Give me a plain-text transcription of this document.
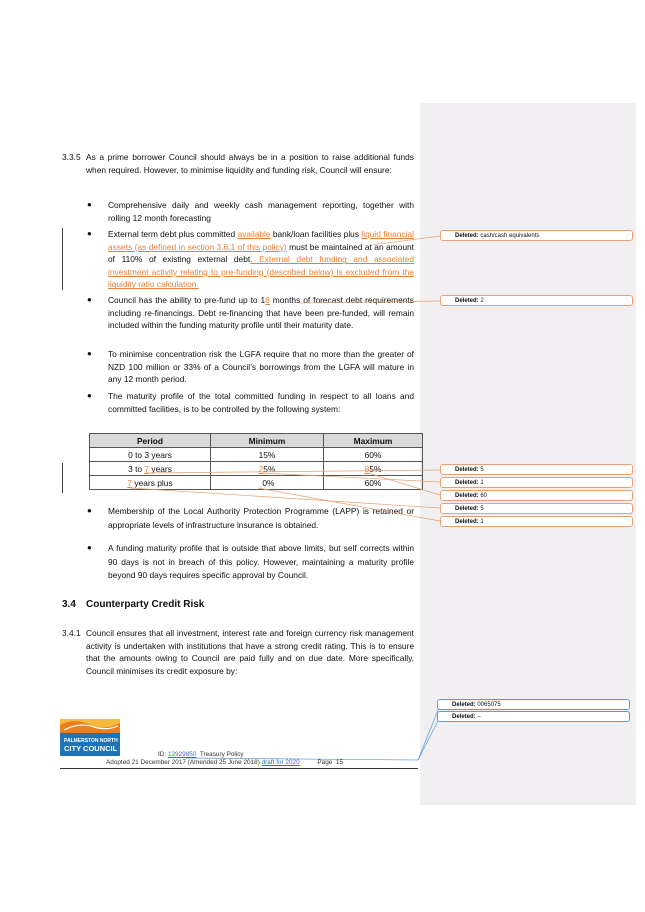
3.3.5 As a prime borrower Council should always be in a position to raise additional funds when required. However, to minimise liquidity and funding risk, Council will ensure:
● Comprehensive daily and weekly cash management reporting, together with rolling 12 month forecasting
● External term debt plus committed available bank/loan facilities plus liquid financial assets (as defined in section 3.6.1 of this policy) must be maintained at an amount of 110% of existing external debt. External debt funding and associated investment activity relating to pre-funding (described below) is excluded from the liquidity ratio calculation.
● Council has the ability to pre-fund up to 18 months of forecast debt requirements including re-financings. Debt re-financing that have been pre-funded, will remain included within the funding maturity profile until their maturity date.
● To minimise concentration risk the LGFA require that no more than the greater of NZD 100 million or 33% of a Council’s borrowings from the LGFA will mature in any 12 month period.
● The maturity profile of the total committed funding in respect to all loans and committed facilities, is to be controlled by the following system:
Period	Minimum	Maximum
0 to 3 years	15%	60%
3 to 7 years	25%	85%
7 years plus	ˌ0%	60%
● Membership of the Local Authority Protection Programme (LAPP) is retained or appropriate levels of infrastructure insurance is obtained.
● A funding maturity profile that is outside that above limits, but self corrects within 90 days is not in breach of this policy. However, maintaining a maturity profile beyond 90 days requires specific approval by Council.
3.4 Counterparty Credit Risk
3.4.1 Council ensures that all investment, interest rate and foreign currency risk management activity is undertaken with institutions that have a strong credit rating. This is to ensure that the amounts owing to Council are paid fully and on due date. More specifically, Council minimises its credit exposure by:
Deleted: cash/cash equivalents
Deleted: 2
Deleted: 5
Deleted: 1
Deleted: 60
Deleted: 5
Deleted: 1
Deleted: 0065075
Deleted: –
PALMERSTON NORTH
CITY COUNCIL
ID: 12929850 Treasury Policy
Adopted 21 December 2017 (Amended 25 June 2018) draft for 2020	Page 15
